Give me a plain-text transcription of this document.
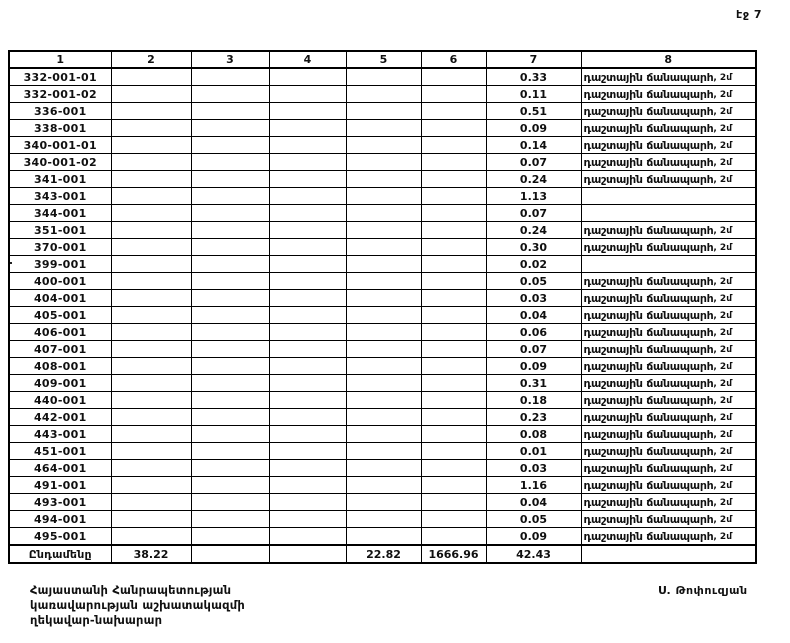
էջ 7
1	2	3	4	5	6	7	8
332-001-01						0.33	դաշտային ճանապարհ, 2մ
332-001-02						0.11	դաշտային ճանապարհ, 2մ
336-001						0.51	դաշտային ճանապարհ, 2մ
338-001						0.09	դաշտային ճանապարհ, 2մ
340-001-01						0.14	դաշտային ճանապարհ, 2մ
340-001-02						0.07	դաշտային ճանապարհ, 2մ
341-001						0.24	դաշտային ճանապարհ, 2մ
343-001						1.13	
344-001						0.07	
351-001						0.24	դաշտային ճանապարհ, 2մ
370-001						0.30	դաշտային ճանապարհ, 2մ
399-001						0.02	
400-001						0.05	դաշտային ճանապարհ, 2մ
404-001						0.03	դաշտային ճանապարհ, 2մ
405-001						0.04	դաշտային ճանապարհ, 2մ
406-001						0.06	դաշտային ճանապարհ, 2մ
407-001						0.07	դաշտային ճանապարհ, 2մ
408-001						0.09	դաշտային ճանապարհ, 2մ
409-001						0.31	դաշտային ճանապարհ, 2մ
440-001						0.18	դաշտային ճանապարհ, 2մ
442-001						0.23	դաշտային ճանապարհ, 2մ
443-001						0.08	դաշտային ճանապարհ, 2մ
451-001						0.01	դաշտային ճանապարհ, 2մ
464-001						0.03	դաշտային ճանապարհ, 2մ
491-001						1.16	դաշտային ճանապարհ, 2մ
493-001						0.04	դաշտային ճանապարհ, 2մ
494-001						0.05	դաշտային ճանապարհ, 2մ
495-001						0.09	դաշտային ճանապարհ, 2մ
Ընդամենը	38.22			22.82	1666.96	42.43	
Հայաստանի Հանրապետության
կառավարության աշխատակազմի
ղեկավար-նախարար
Ս. Թոփուզյան
